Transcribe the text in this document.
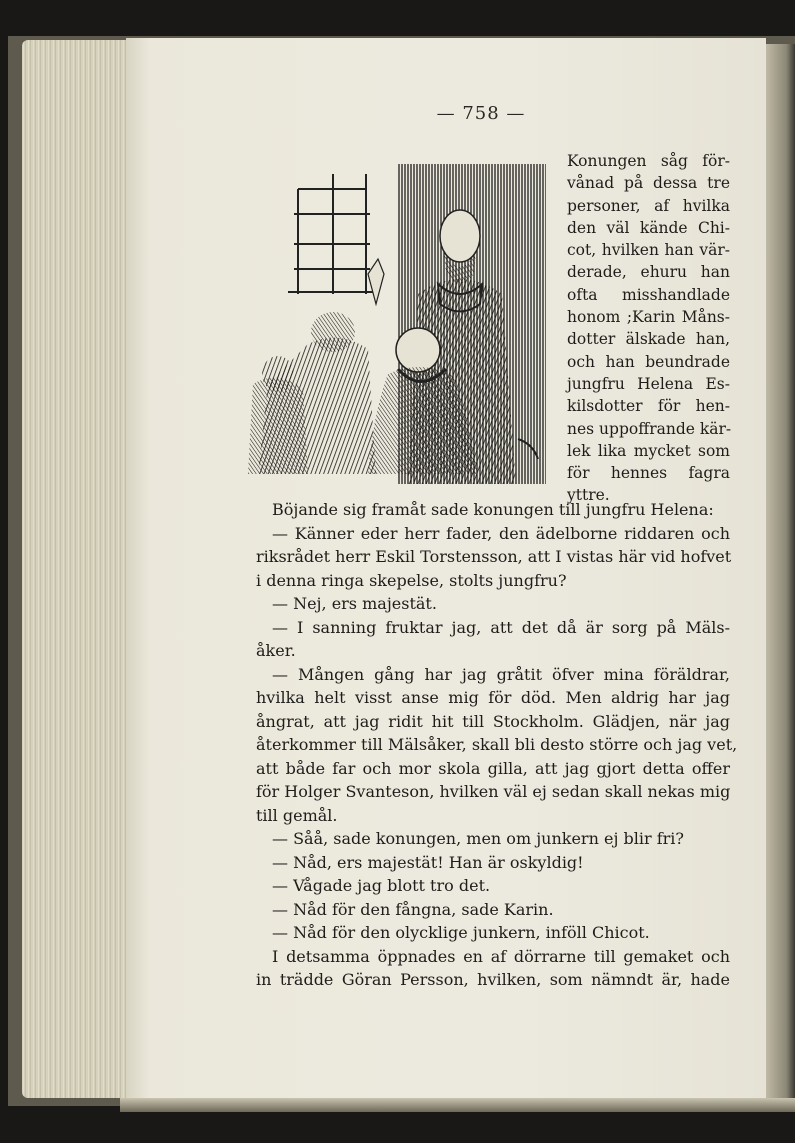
— 758 —
Konungen såg för-
vånad på dessa tre
personer, af hvilka
den väl kände Chi-
cot, hvilken han vär-
derade, ehuru han
ofta misshandlade
honom ;Karin Måns-
dotter älskade han,
och han beundrade
jungfru Helena Es-
kilsdotter för hen-
nes uppoffrande kär-
lek lika mycket som
för hennes fagra
yttre.
Böjande sig framåt sade konungen till jungfru Helena:
— Känner eder herr fader, den ädelborne riddaren och
riksrådet herr Eskil Torstensson, att I vistas här vid hofvet
i denna ringa skepelse, stolts jungfru?
— Nej, ers majestät.
— I sanning fruktar jag, att det då är sorg på Mäls-
åker.
— Mången gång har jag gråtit öfver mina föräldrar,
hvilka helt visst anse mig för död. Men aldrig har jag
ångrat, att jag ridit hit till Stockholm. Glädjen, när jag
återkommer till Mälsåker, skall bli desto större och jag vet,
att både far och mor skola gilla, att jag gjort detta offer
för Holger Svanteson, hvilken väl ej sedan skall nekas mig
till gemål.
— Såå, sade konungen, men om junkern ej blir fri?
— Nåd, ers majestät! Han är oskyldig!
— Vågade jag blott tro det.
— Nåd för den fångna, sade Karin.
— Nåd för den olycklige junkern, inföll Chicot.
I detsamma öppnades en af dörrarne till gemaket och
in trädde Göran Persson, hvilken, som nämndt är, hade
